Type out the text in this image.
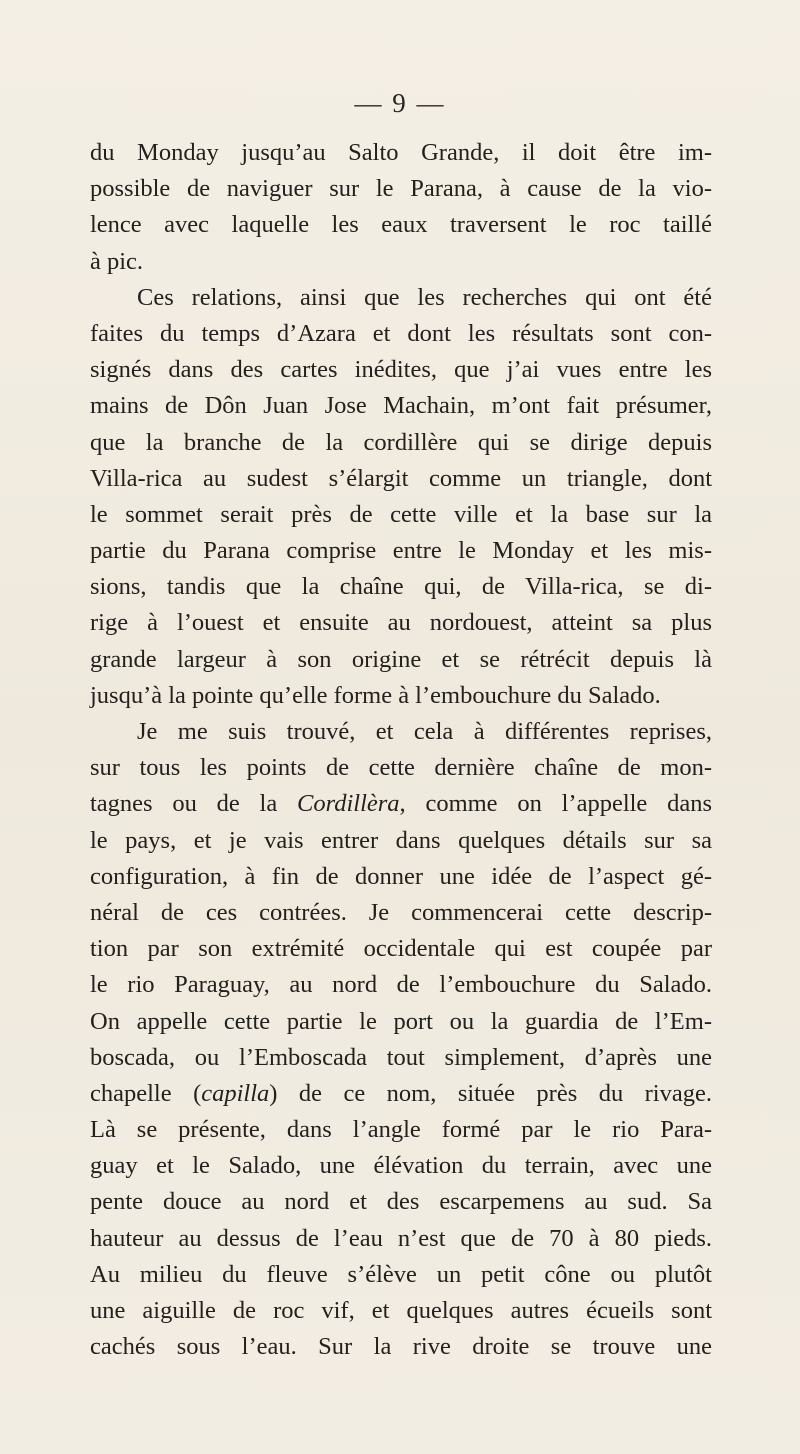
— 9 —

du Monday jusqu’au Salto Grande, il doit être im-
possible de naviguer sur le Parana, à cause de la vio-
lence avec laquelle les eaux traversent le roc taillé
à pic.
Ces relations, ainsi que les recherches qui ont été
faites du temps d’Azara et dont les résultats sont con-
signés dans des cartes inédites, que j’ai vues entre les
mains de Dôn Juan Jose Machain, m’ont fait présumer,
que la branche de la cordillère qui se dirige depuis
Villa-rica au sudest s’élargit comme un triangle, dont
le sommet serait près de cette ville et la base sur la
partie du Parana comprise entre le Monday et les mis-
sions, tandis que la chaîne qui, de Villa-rica, se di-
rige à l’ouest et ensuite au nordouest, atteint sa plus
grande largeur à son origine et se rétrécit depuis là
jusqu’à la pointe qu’elle forme à l’embouchure du Salado.
Je me suis trouvé, et cela à différentes reprises,
sur tous les points de cette dernière chaîne de mon-
tagnes ou de la Cordillèra, comme on l’appelle dans
le pays, et je vais entrer dans quelques détails sur sa
configuration, à fin de donner une idée de l’aspect gé-
néral de ces contrées. Je commencerai cette descrip-
tion par son extrémité occidentale qui est coupée par
le rio Paraguay, au nord de l’embouchure du Salado.
On appelle cette partie le port ou la guardia de l’Em-
boscada, ou l’Emboscada tout simplement, d’après une
chapelle (capilla) de ce nom, située près du rivage.
Là se présente, dans l’angle formé par le rio Para-
guay et le Salado, une élévation du terrain, avec une
pente douce au nord et des escarpemens au sud. Sa
hauteur au dessus de l’eau n’est que de 70 à 80 pieds.
Au milieu du fleuve s’élève un petit cône ou plutôt
une aiguille de roc vif, et quelques autres écueils sont
cachés sous l’eau. Sur la rive droite se trouve une
